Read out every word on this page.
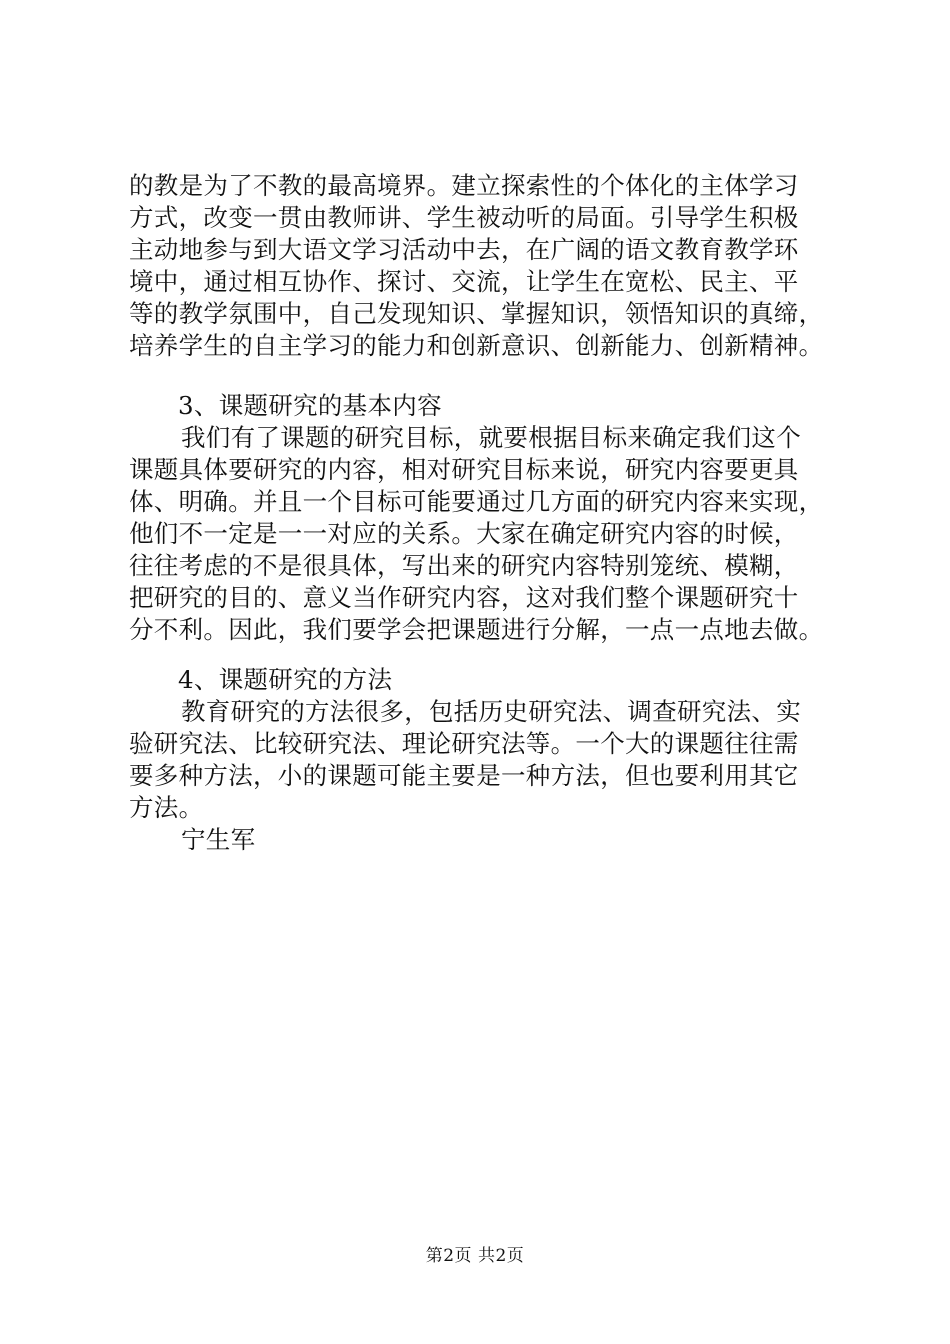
的教是为了不教的最高境界。建立探索性的个体化的主体学习
方式，改变一贯由教师讲、学生被动听的局面。引导学生积极
主动地参与到大语文学习活动中去，在广阔的语文教育教学环
境中，通过相互协作、探讨、交流，让学生在宽松、民主、平
等的教学氛围中，自己发现知识、掌握知识，领悟知识的真缔，
培养学生的自主学习的能力和创新意识、创新能力、创新精神。
3、课题研究的基本内容
我们有了课题的研究目标，就要根据目标来确定我们这个
课题具体要研究的内容，相对研究目标来说，研究内容要更具
体、明确。并且一个目标可能要通过几方面的研究内容来实现，
他们不一定是一一对应的关系。大家在确定研究内容的时候，
往往考虑的不是很具体，写出来的研究内容特别笼统、模糊，
把研究的目的、意义当作研究内容，这对我们整个课题研究十
分不利。因此，我们要学会把课题进行分解，一点一点地去做。
4、课题研究的方法
教育研究的方法很多，包括历史研究法、调查研究法、实
验研究法、比较研究法、理论研究法等。一个大的课题往往需
要多种方法，小的课题可能主要是一种方法，但也要利用其它
方法。
宁生军
第2页 共2页
